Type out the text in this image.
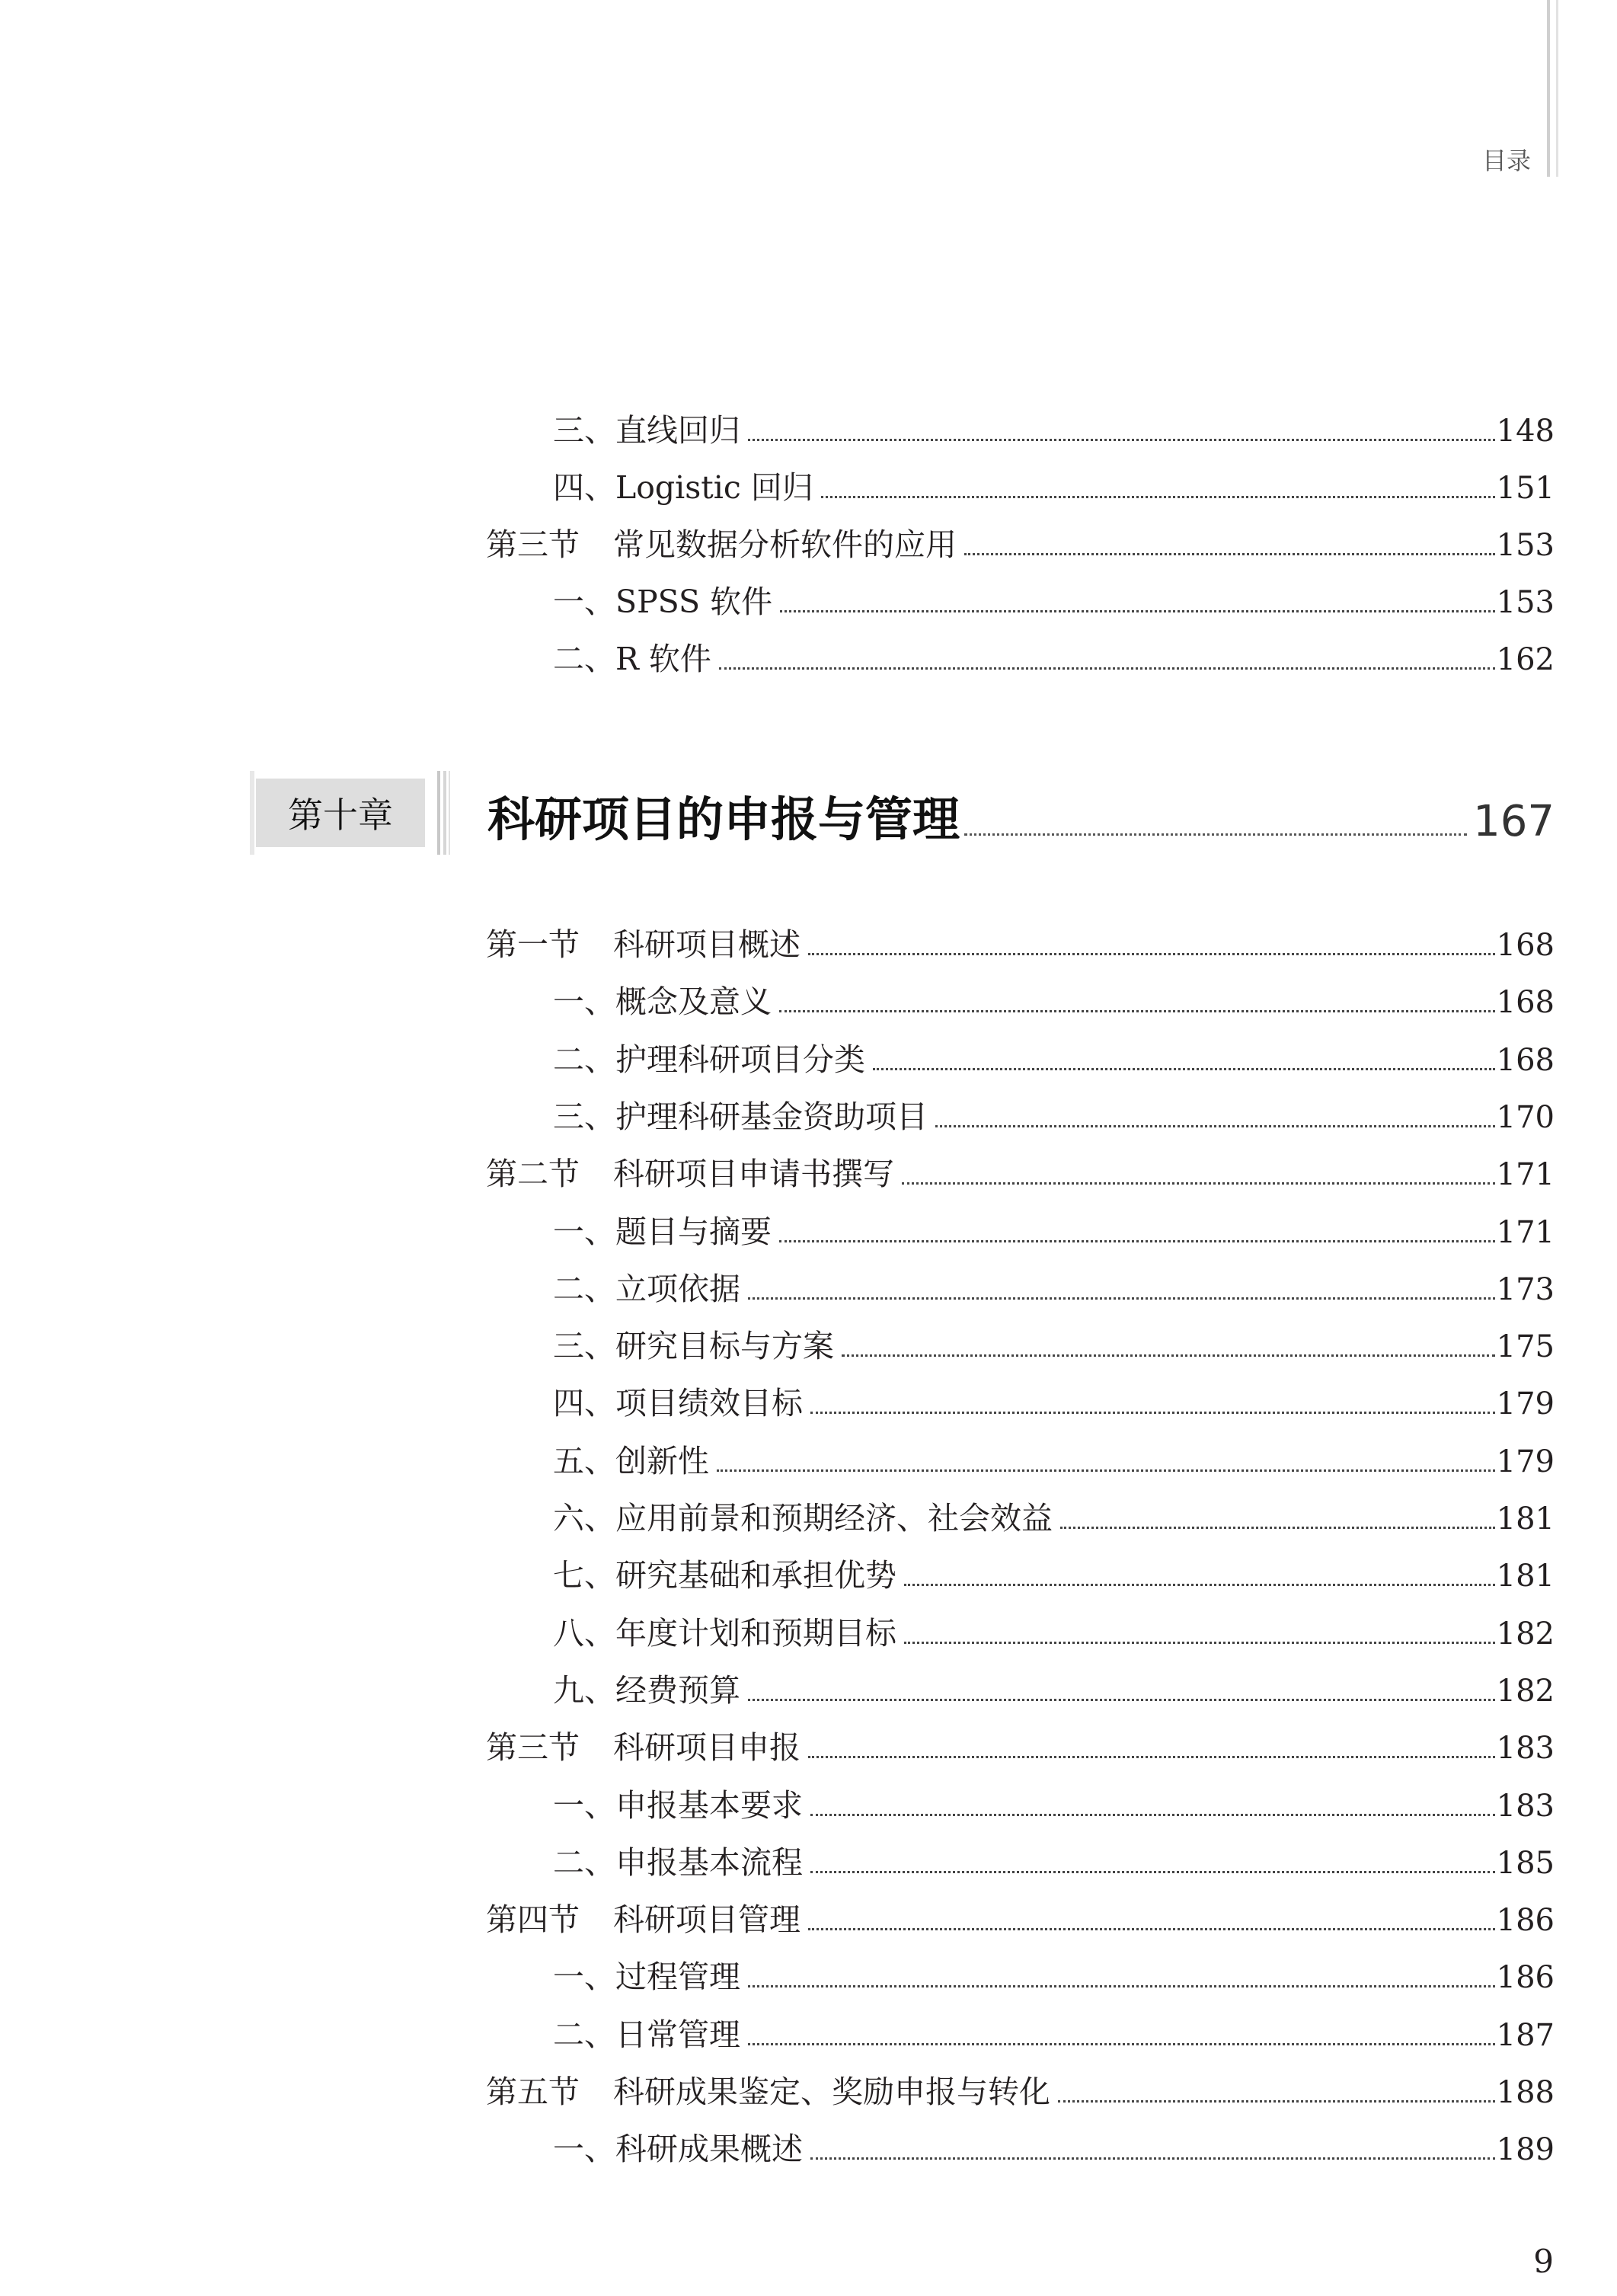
目录
三、 直线回归	148
四、 Logistic 回归	151
第三节	常见数据分析软件的应用	153
一、 SPSS 软件	153
二、 R 软件	162
第十章	科研项目的申报与管理	167
第一节	科研项目概述	168
一、 概念及意义	168
二、 护理科研项目分类	168
三、 护理科研基金资助项目	170
第二节	科研项目申请书撰写	171
一、 题目与摘要	171
二、 立项依据	173
三、 研究目标与方案	175
四、 项目绩效目标	179
五、 创新性	179
六、 应用前景和预期经济、社会效益	181
七、 研究基础和承担优势	181
八、 年度计划和预期目标	182
九、 经费预算	182
第三节	科研项目申报	183
一、 申报基本要求	183
二、 申报基本流程	185
第四节	科研项目管理	186
一、 过程管理	186
二、 日常管理	187
第五节	科研成果鉴定、奖励申报与转化	188
一、 科研成果概述	189
9
